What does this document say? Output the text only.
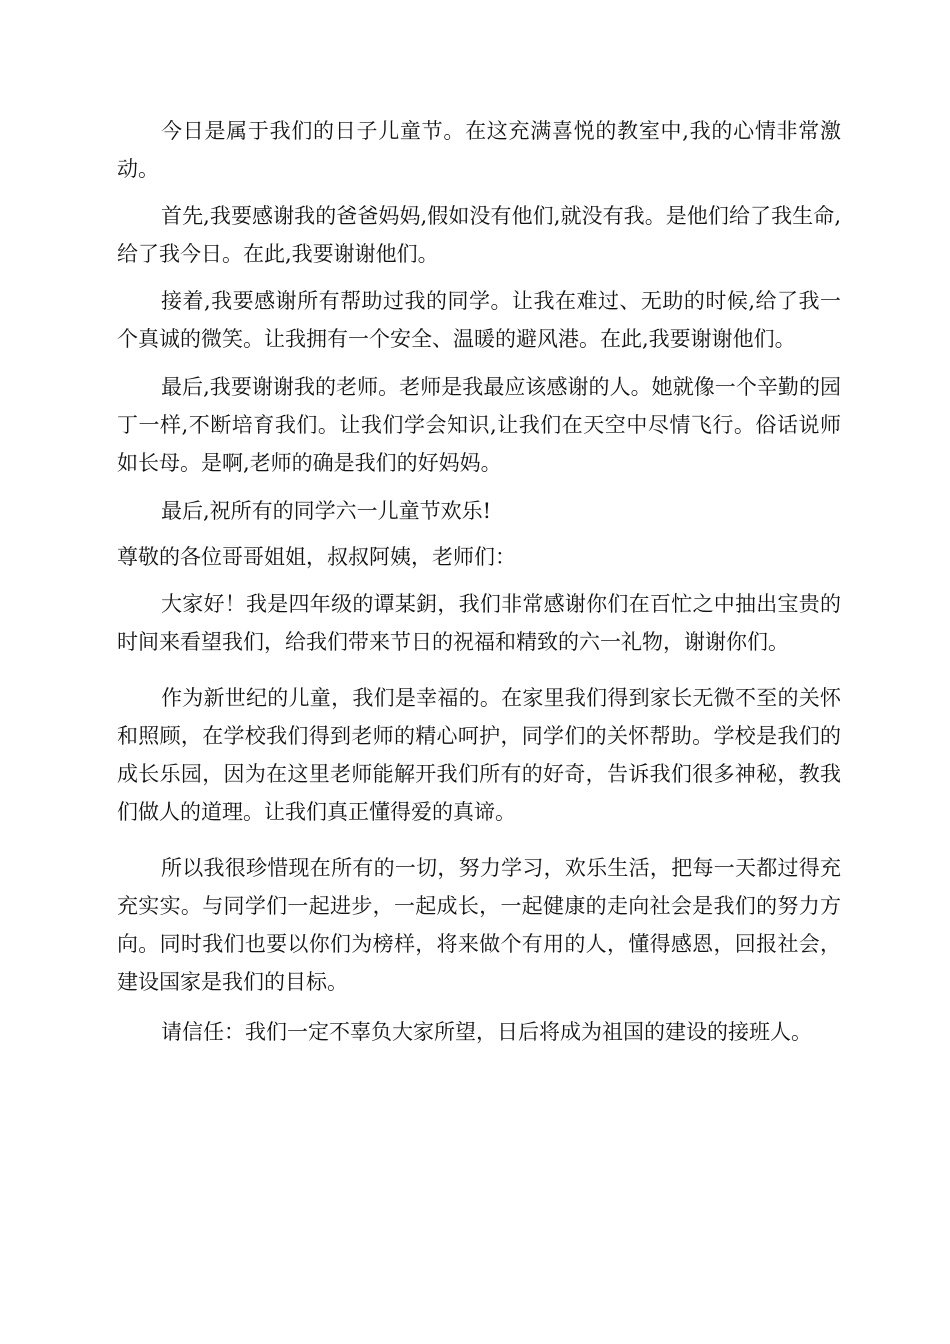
今日是属于我们的日子儿童节。在这充满喜悦的教室中,我的心情非常激动。

首先,我要感谢我的爸爸妈妈,假如没有他们,就没有我。是他们给了我生命,给了我今日。在此,我要谢谢他们。

接着,我要感谢所有帮助过我的同学。让我在难过、无助的时候,给了我一个真诚的微笑。让我拥有一个安全、温暖的避风港。在此,我要谢谢他们。

最后,我要谢谢我的老师。老师是我最应该感谢的人。她就像一个辛勤的园丁一样,不断培育我们。让我们学会知识,让我们在天空中尽情飞行。俗话说师如长母。是啊,老师的确是我们的好妈妈。

最后,祝所有的同学六一儿童节欢乐!

尊敬的各位哥哥姐姐，叔叔阿姨，老师们：

大家好！我是四年级的谭某鈅，我们非常感谢你们在百忙之中抽出宝贵的时间来看望我们，给我们带来节日的祝福和精致的六一礼物，谢谢你们。

作为新世纪的儿童，我们是幸福的。在家里我们得到家长无微不至的关怀和照顾，在学校我们得到老师的精心呵护，同学们的关怀帮助。学校是我们的成长乐园，因为在这里老师能解开我们所有的好奇，告诉我们很多神秘，教我们做人的道理。让我们真正懂得爱的真谛。

所以我很珍惜现在所有的一切，努力学习，欢乐生活，把每一天都过得充充实实。与同学们一起进步，一起成长，一起健康的走向社会是我们的努力方向。同时我们也要以你们为榜样，将来做个有用的人，懂得感恩，回报社会，建设国家是我们的目标。

请信任：我们一定不辜负大家所望，日后将成为祖国的建设的接班人。
